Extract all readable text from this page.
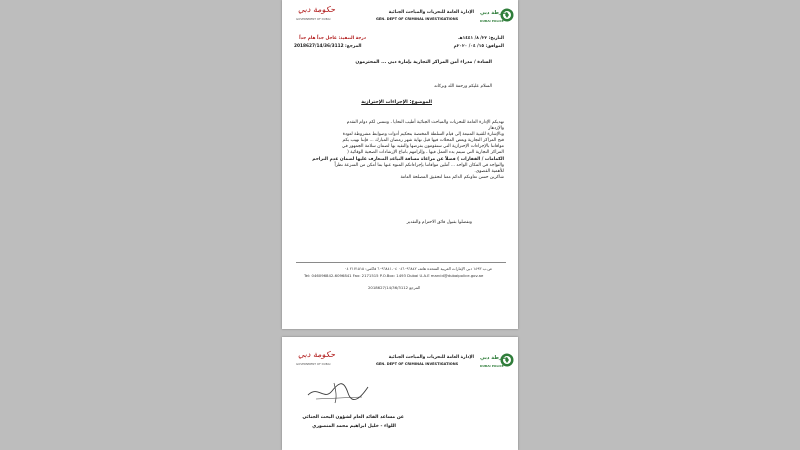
شرطة دبي
DUBAI POLICE
الإدارة العامة للتحريات والمباحث الجنائية
GEN. DEPT OF CRIMINAL INVESTIGATIONS
حكومة دبي
GOVERNMENT OF DUBAI
التاريخ: ٢٢/ ٨/ ١٤٤١هـ
الموافق: ١٥/ ٠٤/ ٢٠٢٠م
درجة التنفيذ: عاجل جداً هام جداً
المرجع: 2018627/14/36/3112
السادة / مدراء أمن المراكز التجارية بإمارة دبي ... المحترمون
السلام عليكم ورحمة الله وبركاته
الموضوع: الإجراءات الإحترازية
تهديكم الإدارة العامة للتحريات والمباحث الجنائية أطيب التحايا ، وتتمنى لكم دوام التقدم
والإزدهار
وبالإشارة للقنية المتبعة إلى قيام السلطة المختصة بتحكيم أدوات وضوابط مشروطة لعودة
فتح المراكز التجارية وبعض المحلات فيها قبل نهاية شهر رمضان المبارك ... فإننا نهيب بكم
موافاتنا بالإجراءات الإحترازية التي ستقومون بفرضها والتقيد بها لضمان سلامة الجمهور في
المراكز التجارية التي سيتم بدء العمل فيها ، وإلزامهم باتباع الإرشادات الصحية الوقائية (
الكمامات / القفازات ) فضلاً عن مراعاة مسافة التباعد المتعارف عليها لضمان عدم التزاحم
والتواجد في المكان الواحد ... آملين موافاتنا بإجراءاتكم المنوه عنها بما أمكن من السرعة نظراً
للأهمية القصوى.
شاكرين حسن تعاونكم الدائم معنا لتحقيق المصلحة العامة
وتفضلوا بقبول فائق الاحترام والتقدير
ص.ب ١٤٩٣ دبي الإمارات العربية المتحدة هاتف ٠٤٦٠٩٦٨٤٢ ٠٤-٦٠٩٦٨٤١ فاكس: ٢١٧١٥١٥ ٠٤
Tel: 046096842-6096841 Fax: 2171515 P.O.Box: 1493 Dubai U.A.E marcid@dubaipolice.gov.ae
2018627/14/36/3112 المرجع
شرطة دبي
DUBAI POLICE
الإدارة العامة للتحريات والمباحث الجنائية
GEN. DEPT OF CRIMINAL INVESTIGATIONS
حكومة دبي
GOVERNMENT OF DUBAI
عن مساعد القائد العام لشؤون البحث الجنائي
اللواء - خليل ابراهيم محمد المنصوري
